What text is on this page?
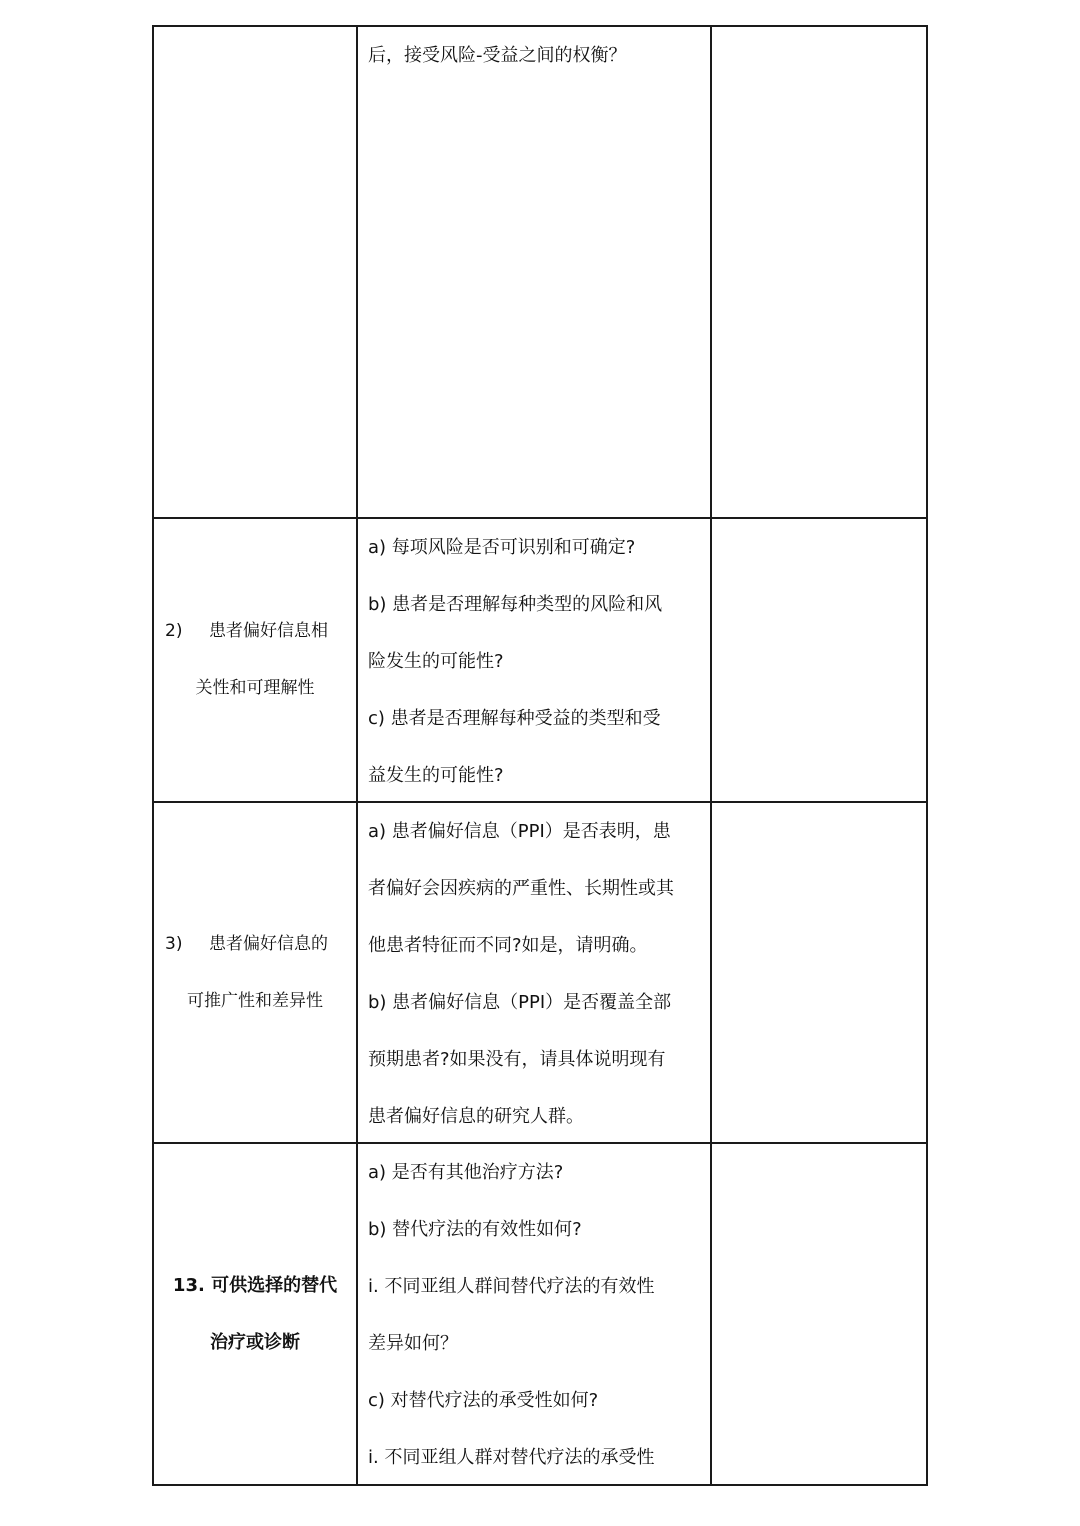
后，接受风险-受益之间的权衡？
2) 患者偏好信息相
关性和可理解性
a) 每项风险是否可识别和可确定?
b) 患者是否理解每种类型的风险和风
险发生的可能性?
c) 患者是否理解每种受益的类型和受
益发生的可能性?
3) 患者偏好信息的
可推广性和差异性
a) 患者偏好信息（PPI）是否表明，患
者偏好会因疾病的严重性、长期性或其
他患者特征而不同?如是，请明确。
b) 患者偏好信息（PPI）是否覆盖全部
预期患者?如果没有，请具体说明现有
患者偏好信息的研究人群。
13. 可供选择的替代
治疗或诊断
a) 是否有其他治疗方法?
b) 替代疗法的有效性如何?
i. 不同亚组人群间替代疗法的有效性
差异如何？
c) 对替代疗法的承受性如何?
i. 不同亚组人群对替代疗法的承受性
